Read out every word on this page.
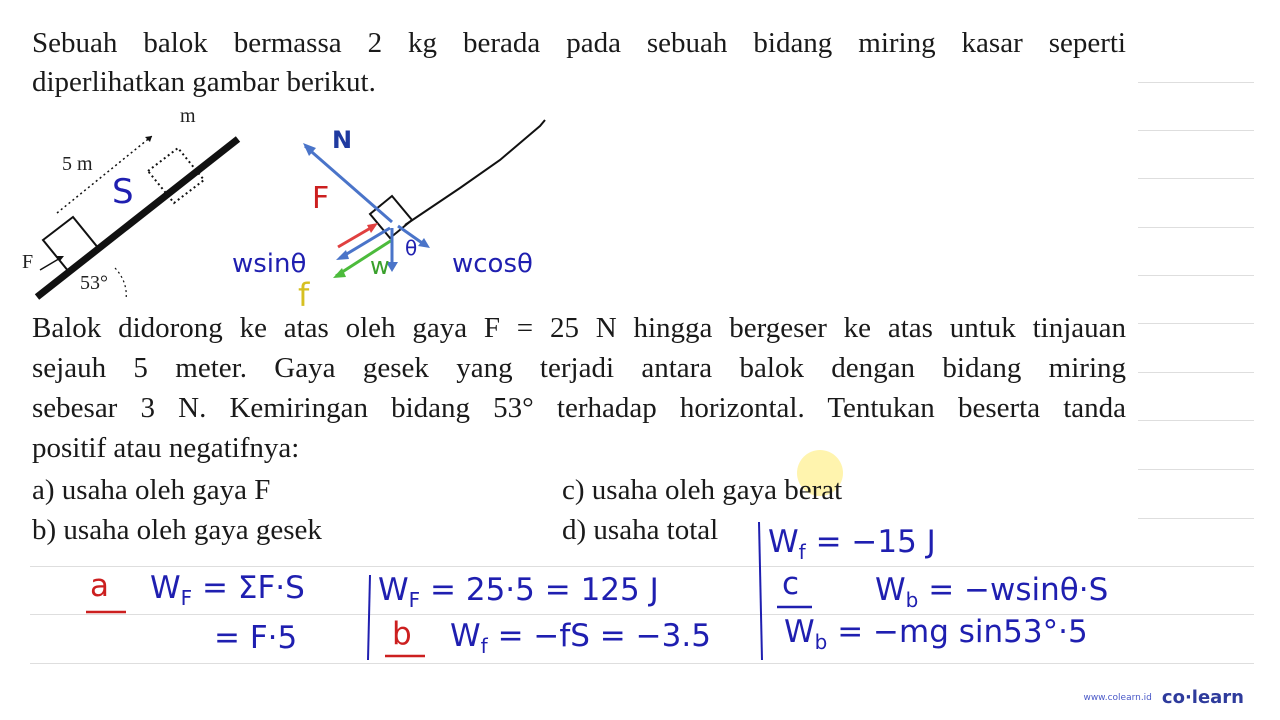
Sebuah balok bermassa 2 kg berada pada sebuah bidang miring kasar seperti
diperlihatkan gambar berikut.
Balok didorong ke atas oleh gaya F = 25 N hingga bergeser ke atas untuk tinjauan
sejauh 5 meter. Gaya gesek yang terjadi antara balok dengan bidang miring
sebesar 3 N. Kemiringan bidang 53° terhadap horizontal. Tentukan beserta tanda
positif atau negatifnya:
a) usaha oleh gaya F
b) usaha oleh gaya gesek
c) usaha oleh gaya berat
d) usaha total
m
5 m
F
53°
S
N
F
wsinθ	w
θ
wcosθ
f
a $W_F = \Sigma F\cdot S$
= F·5
$W_F = 25\cdot 5 = 125$ J
b $W_f = -fS = -3.5$
$W_f = -15$ J
c $W_b = -wsin\theta\cdot S$
$W_b = -mg$ sin53°·5
www.colearn.id co·learn
